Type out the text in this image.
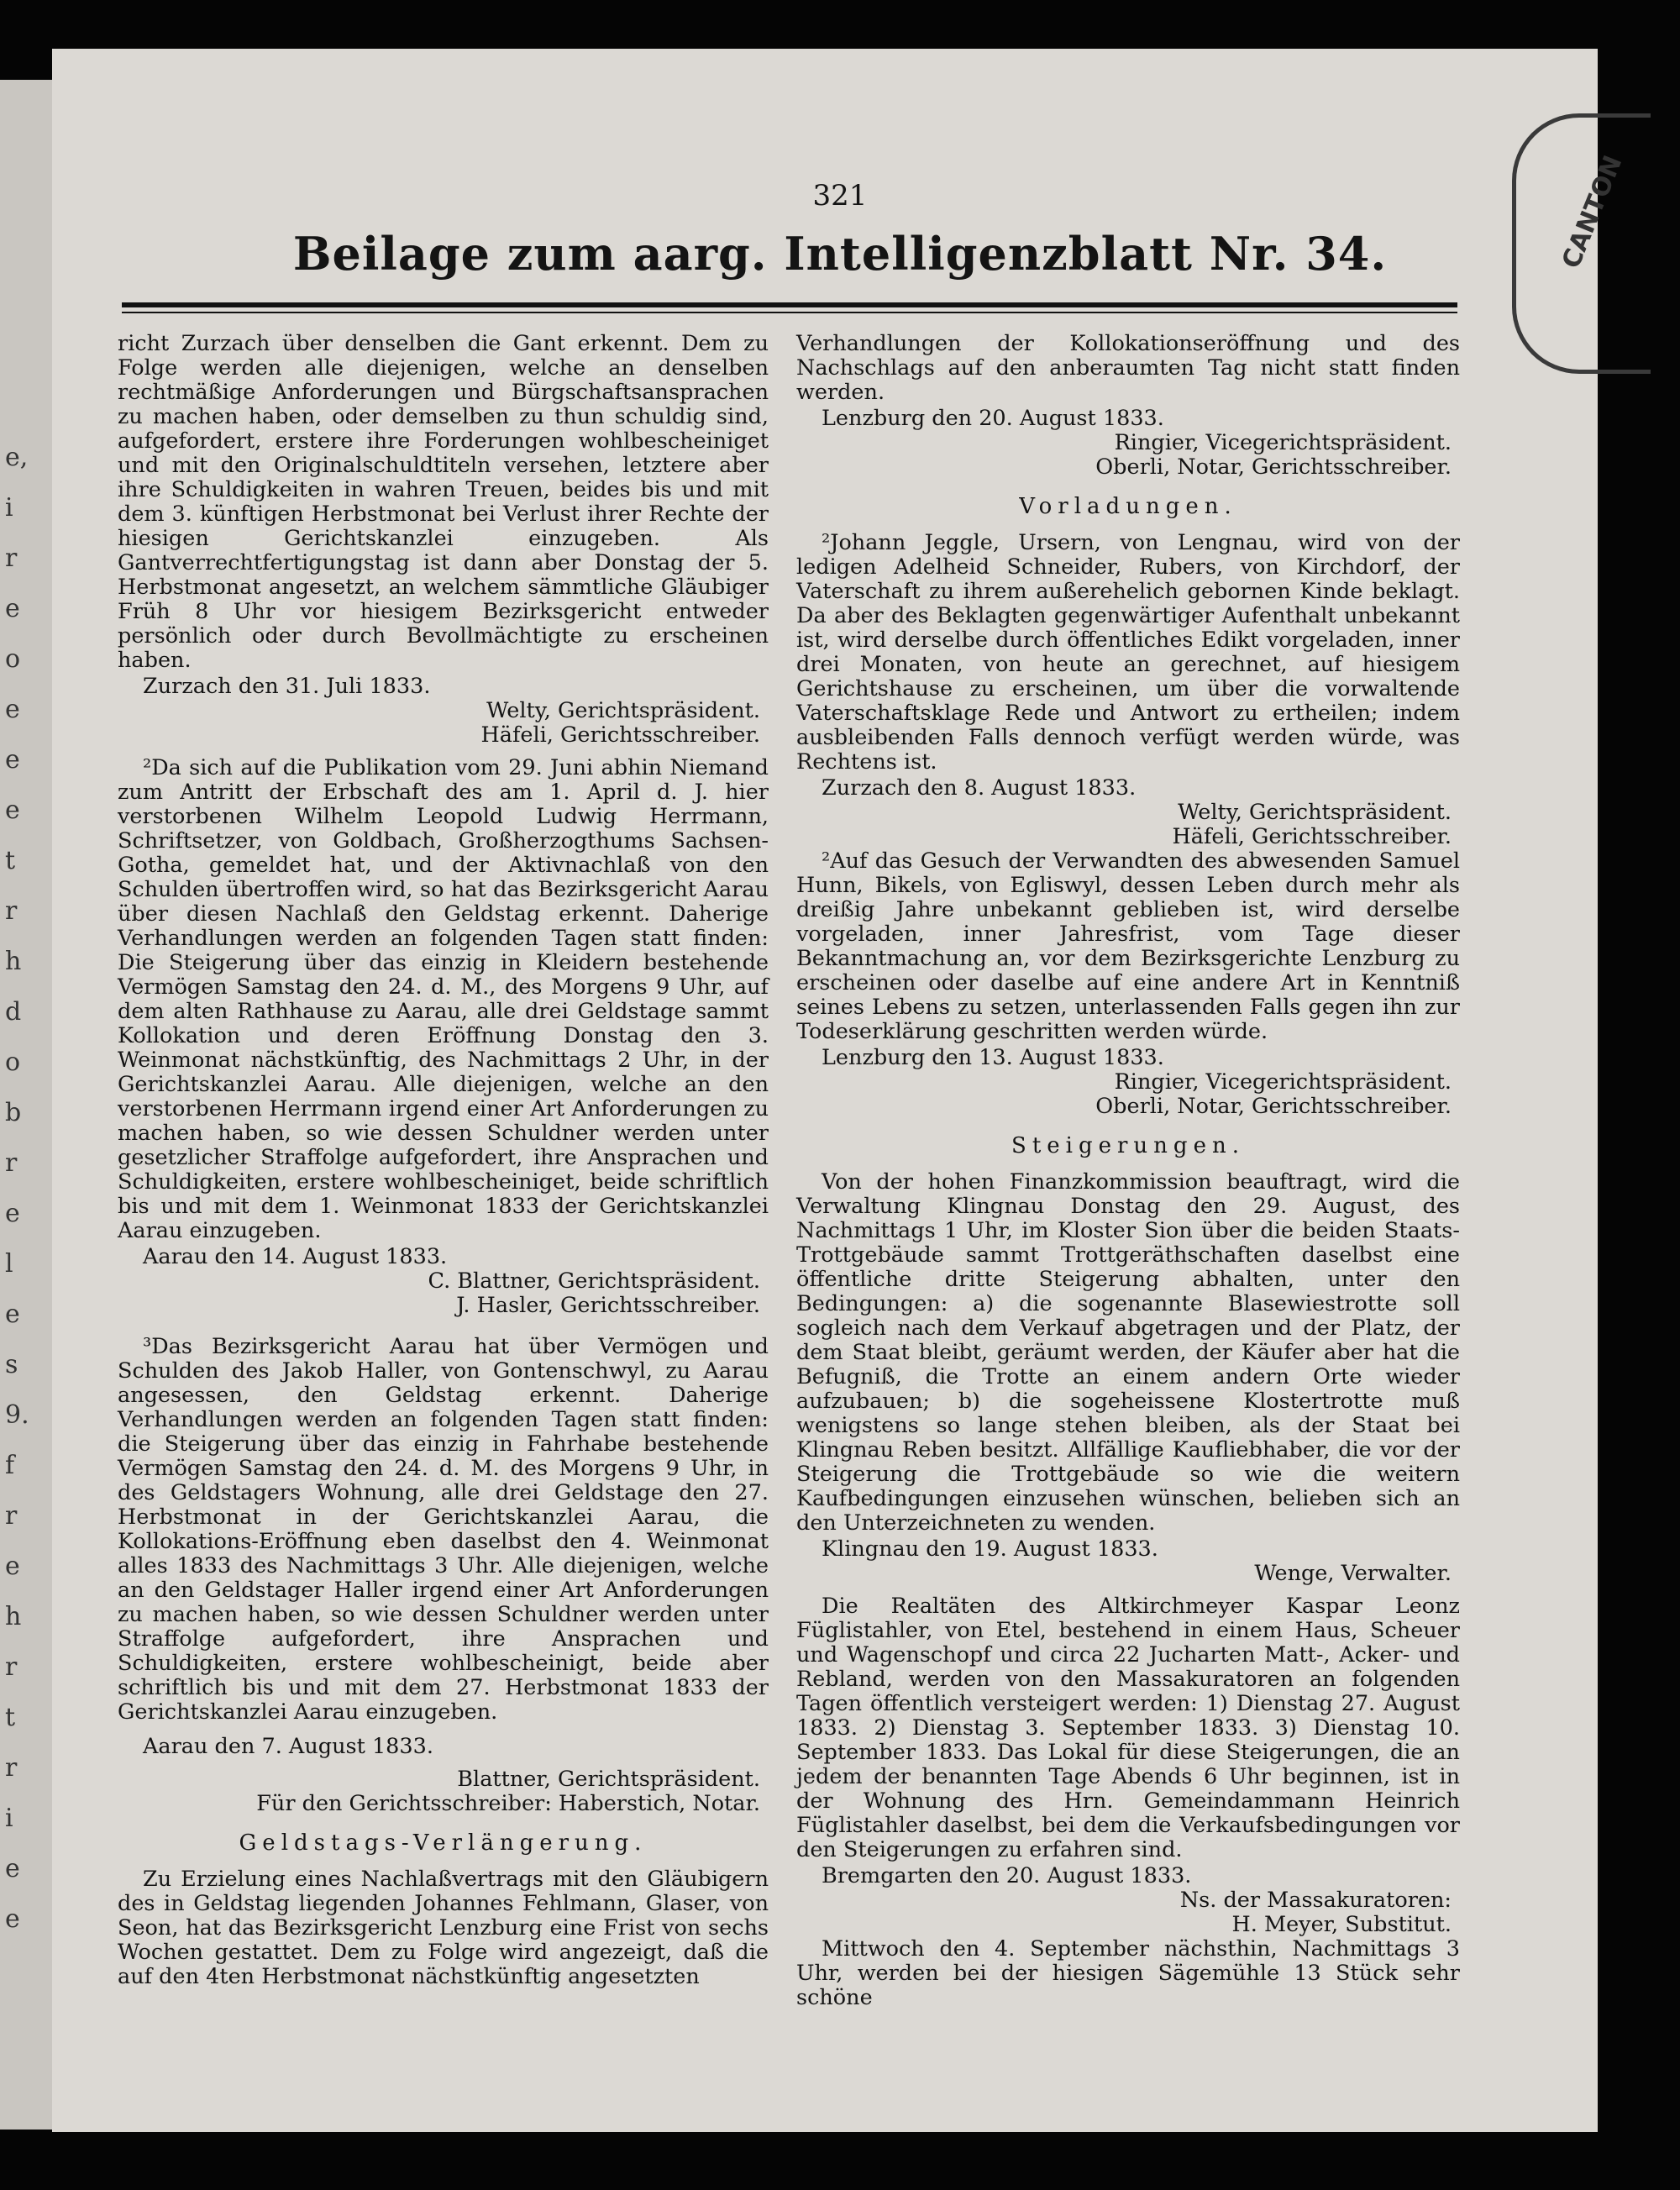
e,
i
r
e
o
e
e
e
t
r
h
d
o
b
r
e
l
e
s
9.
f
r
e
h
r
t
r
i
e
e
CANTON
321
Beilage zum aarg. Intelligenzblatt Nr. 34.

richt Zurzach über denselben die Gant erkennt. Dem zu Folge werden alle diejenigen, welche an denselben rechtmäßige Anforderungen und Bürgschaftsansprachen zu machen haben, oder demselben zu thun schuldig sind, aufgefordert, erstere ihre Forderungen wohlbescheiniget und mit den Originalschuldtiteln versehen, letztere aber ihre Schuldigkeiten in wahren Treuen, beides bis und mit dem 3. künftigen Herbstmonat bei Verlust ihrer Rechte der hiesigen Gerichtskanzlei einzugeben. Als Gantverrechtfertigungstag ist dann aber Donstag der 5. Herbstmonat angesetzt, an welchem sämmtliche Gläubiger Früh 8 Uhr vor hiesigem Bezirksgericht entweder persönlich oder durch Bevollmächtigte zu erscheinen haben.

Zurzach den 31. Juli 1833.

Welty, Gerichtspräsident.

Häfeli, Gerichtsschreiber.

²Da sich auf die Publikation vom 29. Juni abhin Niemand zum Antritt der Erbschaft des am 1. April d. J. hier verstorbenen Wilhelm Leopold Ludwig Herrmann, Schriftsetzer, von Goldbach, Großherzogthums Sachsen-Gotha, gemeldet hat, und der Aktivnachlaß von den Schulden übertroffen wird, so hat das Bezirksgericht Aarau über diesen Nachlaß den Geldstag erkennt. Daherige Verhandlungen werden an folgenden Tagen statt finden: Die Steigerung über das einzig in Kleidern bestehende Vermögen Samstag den 24. d. M., des Morgens 9 Uhr, auf dem alten Rathhause zu Aarau, alle drei Geldstage sammt Kollokation und deren Eröffnung Donstag den 3. Weinmonat nächstkünftig, des Nachmittags 2 Uhr, in der Gerichtskanzlei Aarau. Alle diejenigen, welche an den verstorbenen Herrmann irgend einer Art Anforderungen zu machen haben, so wie dessen Schuldner werden unter gesetzlicher Straffolge aufgefordert, ihre Ansprachen und Schuldigkeiten, erstere wohlbescheiniget, beide schriftlich bis und mit dem 1. Weinmonat 1833 der Gerichtskanzlei Aarau einzugeben.

Aarau den 14. August 1833.

C. Blattner, Gerichtspräsident.

J. Hasler, Gerichtsschreiber.

³Das Bezirksgericht Aarau hat über Vermögen und Schulden des Jakob Haller, von Gontenschwyl, zu Aarau angesessen, den Geldstag erkennt. Daherige Verhandlungen werden an folgenden Tagen statt finden: die Steigerung über das einzig in Fahrhabe bestehende Vermögen Samstag den 24. d. M. des Morgens 9 Uhr, in des Geldstagers Wohnung, alle drei Geldstage den 27. Herbstmonat in der Gerichtskanzlei Aarau, die Kollokations-Eröffnung eben daselbst den 4. Weinmonat alles 1833 des Nachmittags 3 Uhr. Alle diejenigen, welche an den Geldstager Haller irgend einer Art Anforderungen zu machen haben, so wie dessen Schuldner werden unter Straffolge aufgefordert, ihre Ansprachen und Schuldigkeiten, erstere wohlbescheinigt, beide aber schriftlich bis und mit dem 27. Herbstmonat 1833 der Gerichtskanzlei Aarau einzugeben.

Aarau den 7. August 1833.

Blattner, Gerichtspräsident.

Für den Gerichtsschreiber: Haberstich, Notar.

Geldstags-Verlängerung.

Zu Erzielung eines Nachlaßvertrags mit den Gläubigern des in Geldstag liegenden Johannes Fehlmann, Glaser, von Seon, hat das Bezirksgericht Lenzburg eine Frist von sechs Wochen gestattet. Dem zu Folge wird angezeigt, daß die auf den 4ten Herbstmonat nächstkünftig angesetzten

Verhandlungen der Kollokationseröffnung und des Nachschlags auf den anberaumten Tag nicht statt finden werden.

Lenzburg den 20. August 1833.

Ringier, Vicegerichtspräsident.

Oberli, Notar, Gerichtsschreiber.

Vorladungen.

²Johann Jeggle, Ursern, von Lengnau, wird von der ledigen Adelheid Schneider, Rubers, von Kirchdorf, der Vaterschaft zu ihrem außerehelich gebornen Kinde beklagt. Da aber des Beklagten gegenwärtiger Aufenthalt unbekannt ist, wird derselbe durch öffentliches Edikt vorgeladen, inner drei Monaten, von heute an gerechnet, auf hiesigem Gerichtshause zu erscheinen, um über die vorwaltende Vaterschaftsklage Rede und Antwort zu ertheilen; indem ausbleibenden Falls dennoch verfügt werden würde, was Rechtens ist.

Zurzach den 8. August 1833.

Welty, Gerichtspräsident.

Häfeli, Gerichtsschreiber.

²Auf das Gesuch der Verwandten des abwesenden Samuel Hunn, Bikels, von Egliswyl, dessen Leben durch mehr als dreißig Jahre unbekannt geblieben ist, wird derselbe vorgeladen, inner Jahresfrist, vom Tage dieser Bekanntmachung an, vor dem Bezirksgerichte Lenzburg zu erscheinen oder daselbe auf eine andere Art in Kenntniß seines Lebens zu setzen, unterlassenden Falls gegen ihn zur Todeserklärung geschritten werden würde.

Lenzburg den 13. August 1833.

Ringier, Vicegerichtspräsident.

Oberli, Notar, Gerichtsschreiber.

Steigerungen.

Von der hohen Finanzkommission beauftragt, wird die Verwaltung Klingnau Donstag den 29. August, des Nachmittags 1 Uhr, im Kloster Sion über die beiden Staats-Trottgebäude sammt Trottgeräthschaften daselbst eine öffentliche dritte Steigerung abhalten, unter den Bedingungen: a) die sogenannte Blasewiestrotte soll sogleich nach dem Verkauf abgetragen und der Platz, der dem Staat bleibt, geräumt werden, der Käufer aber hat die Befugniß, die Trotte an einem andern Orte wieder aufzubauen; b) die sogeheissene Klostertrotte muß wenigstens so lange stehen bleiben, als der Staat bei Klingnau Reben besitzt. Allfällige Kaufliebhaber, die vor der Steigerung die Trottgebäude so wie die weitern Kaufbedingungen einzusehen wünschen, belieben sich an den Unterzeichneten zu wenden.

Klingnau den 19. August 1833.

Wenge, Verwalter.

Die Realtäten des Altkirchmeyer Kaspar Leonz Füglistahler, von Etel, bestehend in einem Haus, Scheuer und Wagenschopf und circa 22 Jucharten Matt-, Acker- und Rebland, werden von den Massakuratoren an folgenden Tagen öffentlich versteigert werden: 1) Dienstag 27. August 1833. 2) Dienstag 3. September 1833. 3) Dienstag 10. September 1833. Das Lokal für diese Steigerungen, die an jedem der benannten Tage Abends 6 Uhr beginnen, ist in der Wohnung des Hrn. Gemeindammann Heinrich Füglistahler daselbst, bei dem die Verkaufsbedingungen vor den Steigerungen zu erfahren sind.

Bremgarten den 20. August 1833.

Ns. der Massakuratoren:

H. Meyer, Substitut.

Mittwoch den 4. September nächsthin, Nachmittags 3 Uhr, werden bei der hiesigen Sägemühle 13 Stück sehr schöne
